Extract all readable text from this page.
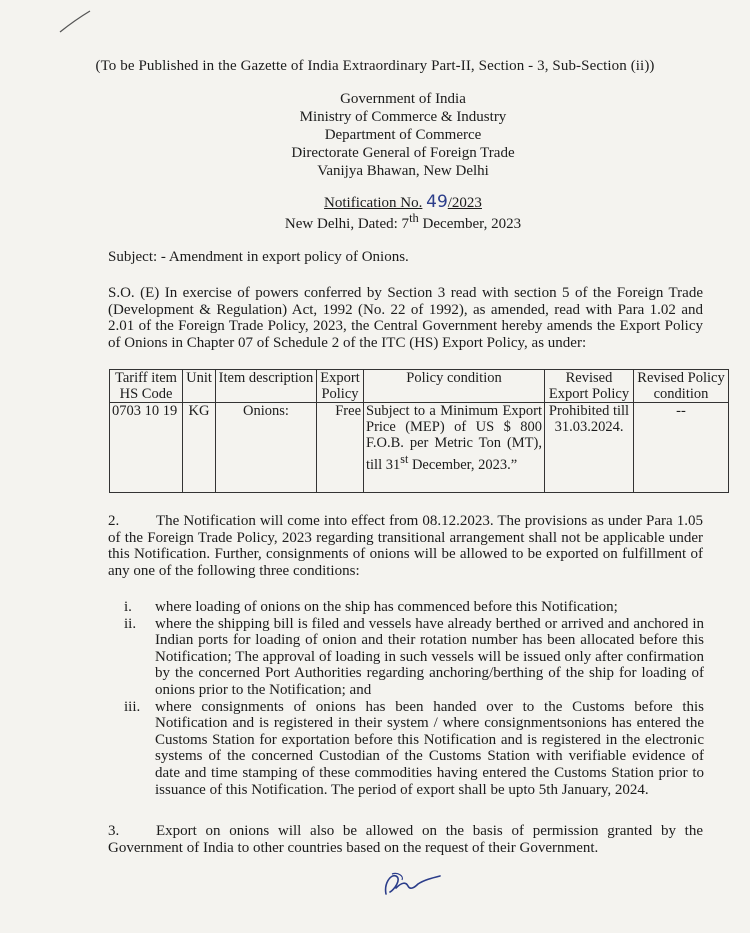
(To be Published in the Gazette of India Extraordinary Part-II, Section - 3, Sub-Section (ii))
Government of India
Ministry of Commerce & Industry
Department of Commerce
Directorate General of Foreign Trade
Vanijya Bhawan, New Delhi
Notification No. 49/2023
New Delhi, Dated: 7th December, 2023
Subject: - Amendment in export policy of Onions.
S.O. (E) In exercise of powers conferred by Section 3 read with section 5 of the Foreign Trade (Development & Regulation) Act, 1992 (No. 22 of 1992), as amended, read with Para 1.02 and 2.01 of the Foreign Trade Policy, 2023, the Central Government hereby amends the Export Policy of Onions in Chapter 07 of Schedule 2 of the ITC (HS) Export Policy, as under:
Tariff item HS Code	Unit	Item description	Export Policy	Policy condition	Revised Export Policy	Revised Policy condition
0703 10 19	KG	Onions:	Free	Subject to a Minimum Export Price (MEP) of US $ 800 F.O.B. per Metric Ton (MT), till 31st December, 2023.”	Prohibited till 31.03.2024.	--
2. The Notification will come into effect from 08.12.2023. The provisions as under Para 1.05 of the Foreign Trade Policy, 2023 regarding transitional arrangement shall not be applicable under this Notification. Further, consignments of onions will be allowed to be exported on fulfillment of any one of the following three conditions:
i.	where loading of onions on the ship has commenced before this Notification;
ii.	where the shipping bill is filed and vessels have already berthed or arrived and anchored in Indian ports for loading of onion and their rotation number has been allocated before this Notification; The approval of loading in such vessels will be issued only after confirmation by the concerned Port Authorities regarding anchoring/berthing of the ship for loading of onions prior to the Notification; and
iii. where consignments of onions has been handed over to the Customs before this Notification and is registered in their system / where consignmentsonions has entered the Customs Station for exportation before this Notification and is registered in the electronic systems of the concerned Custodian of the Customs Station with verifiable evidence of date and time stamping of these commodities having entered the Customs Station prior to issuance of this Notification. The period of export shall be upto 5th January, 2024.
3. Export on onions will also be allowed on the basis of permission granted by the Government of India to other countries based on the request of their Government.
